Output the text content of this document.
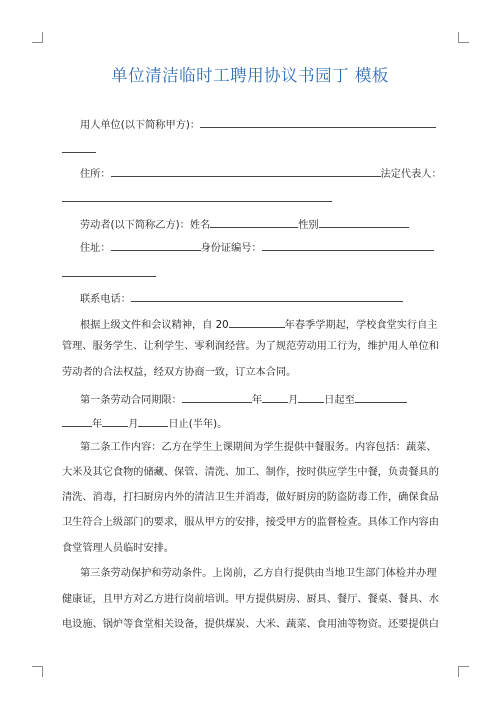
单位清洁临时工聘用协议书园丁 模板
用人单位(以下简称甲方)：
住所：	法定代表人：
劳动者(以下简称乙方)：姓名	性别
住址：	身份证编号：
联系电话：
根据上级文件和会议精神，自 20	年春季学期起，学校食堂实行自主
管理、服务学生、让利学生、零利润经营。为了规范劳动用工行为，维护用人单位和
劳动者的合法权益，经双方协商一致，订立本合同。
第一条劳动合同期限：	年	月	日起至
年	月	日止(半年)。
第二条工作内容：乙方在学生上课期间为学生提供中餐服务。内容包括：蔬菜、
大米及其它食物的储藏、保管、清洗、加工、制作，按时供应学生中餐，负责餐具的
清洗、消毒，打扫厨房内外的清洁卫生并消毒，做好厨房的防盗防毒工作，确保食品
卫生符合上级部门的要求，服从甲方的安排，接受甲方的监督检查。具体工作内容由
食堂管理人员临时安排。
第三条劳动保护和劳动条件。上岗前，乙方自行提供由当地卫生部门体检并办理
健康证，且甲方对乙方进行岗前培训。甲方提供厨房、厨具、餐厅、餐桌、餐具、水
电设施、锅炉等食堂相关设备，提供煤炭、大米、蔬菜、食用油等物资。还要提供白
